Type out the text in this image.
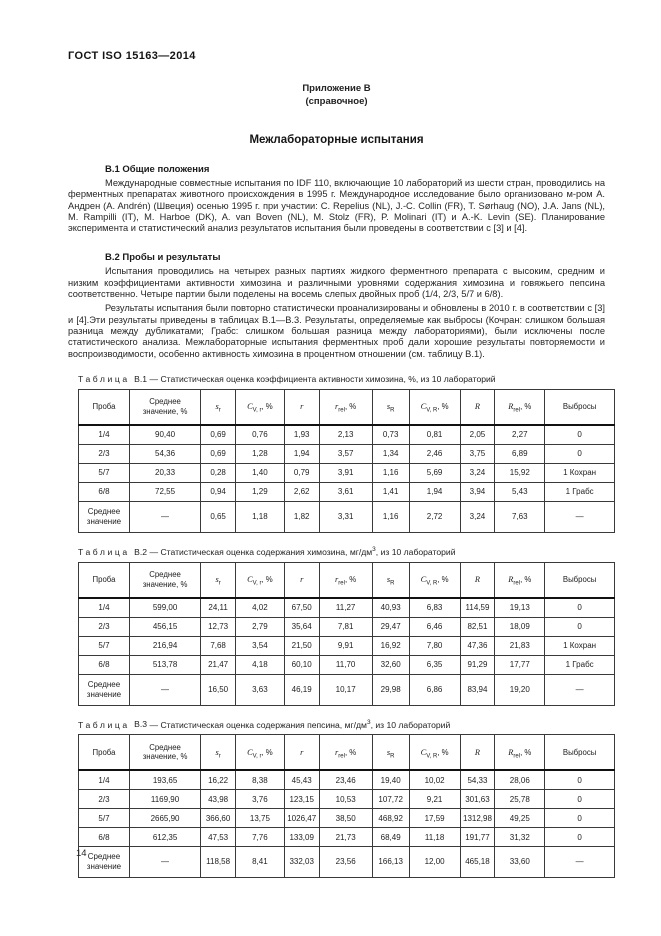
ГОСТ ISO 15163—2014
Приложение В
(справочное)
Межлабораторные испытания
В.1 Общие положения

Международные совместные испытания по IDF 110, включающие 10 лабораторий из шести стран, проводились на ферментных препаратах животного происхождения в 1995 г. Международное исследование было организовано м-ром А. Андрен (A. Andrén) (Швеция) осенью 1995 г. при участии: C. Repelius (NL), J.-C. Collin (FR), T. Sørhaug (NO), J.A. Jans (NL), M. Rampilli (IT), M. Harboe (DK), A. van Boven (NL), M. Stolz (FR), P. Molinari (IT) и А.-K. Levin (SE). Планирование эксперимента и статистический анализ результатов испытания были проведены в соответствии с [3] и [4].

В.2 Пробы и результаты

Испытания проводились на четырех разных партиях жидкого ферментного препарата с высоким, средним и низким коэффициентами активности химозина и различными уровнями содержания химозина и говяжьего пепсина соответственно. Четыре партии были поделены на восемь слепых двойных проб (1/4, 2/3, 5/7 и 6/8).

Результаты испытания были повторно статистически проанализированы и обновлены в 2010 г. в соответствии с [3] и [4].Эти результаты приведены в таблицах В.1—В.3. Результаты, определяемые как выбросы (Кочран: слишком большая разница между дубликатами; Грабс: слишком большая разница между лабораториями), были исключены после статистического анализа. Межлабораторные испытания ферментных проб дали хорошие результаты повторяемости и воспроизводимости, особенно активность химозина в процентном отношении (см. таблицу В.1).

Таблица В.1 — Статистическая оценка коэффициента активности химозина, %, из 10 лабораторий
Проба	Среднее значение, %	$s_r$	$C_{V, r}$, %	r	$r_{rel}$, %	$s_R$	$C_{V, R}$, %	R	$R_{rel}$, %	Выбросы
1/4	90,40	0,69	0,76	1,93	2,13	0,73	0,81	2,05	2,27	0
2/3	54,36	0,69	1,28	1,94	3,57	1,34	2,46	3,75	6,89	0
5/7	20,33	0,28	1,40	0,79	3,91	1,16	5,69	3,24	15,92	1 Кохран
6/8	72,55	0,94	1,29	2,62	3,61	1,41	1,94	3,94	5,43	1 Грабс
Среднее значение	—	0,65	1,18	1,82	3,31	1,16	2,72	3,24	7,63	—
Таблица В.2 — Статистическая оценка содержания химозина, $мг/дм^3$, из 10 лабораторий
Проба	Среднее значение, %	$s_r$	$C_{V, r}$, %	r	$r_{rel}$, %	$s_R$	$C_{V, R}$, %	R	$R_{rel}$, %	Выбросы
1/4	599,00	24,11	4,02	67,50	11,27	40,93	6,83	114,59	19,13	0
2/3	456,15	12,73	2,79	35,64	7,81	29,47	6,46	82,51	18,09	0
5/7	216,94	7,68	3,54	21,50	9,91	16,92	7,80	47,36	21,83	1 Кохран
6/8	513,78	21,47	4,18	60,10	11,70	32,60	6,35	91,29	17,77	1 Грабс
Среднее значение	—	16,50	3,63	46,19	10,17	29,98	6,86	83,94	19,20	—
Таблица В.3 — Статистическая оценка содержания пепсина, $мг/дм^3$, из 10 лабораторий
Проба	Среднее значение, %	$s_r$	$C_{V, r}$, %	r	$r_{rel}$, %	$s_R$	$C_{V, R}$, %	R	$R_{rel}$, %	Выбросы
1/4	193,65	16,22	8,38	45,43	23,46	19,40	10,02	54,33	28,06	0
2/3	1169,90	43,98	3,76	123,15	10,53	107,72	9,21	301,63	25,78	0
5/7	2665,90	366,60	13,75	1026,47	38,50	468,92	17,59	1312,98	49,25	0
6/8	612,35	47,53	7,76	133,09	21,73	68,49	11,18	191,77	31,32	0
Среднее значение	—	118,58	8,41	332,03	23,56	166,13	12,00	465,18	33,60	—
14
